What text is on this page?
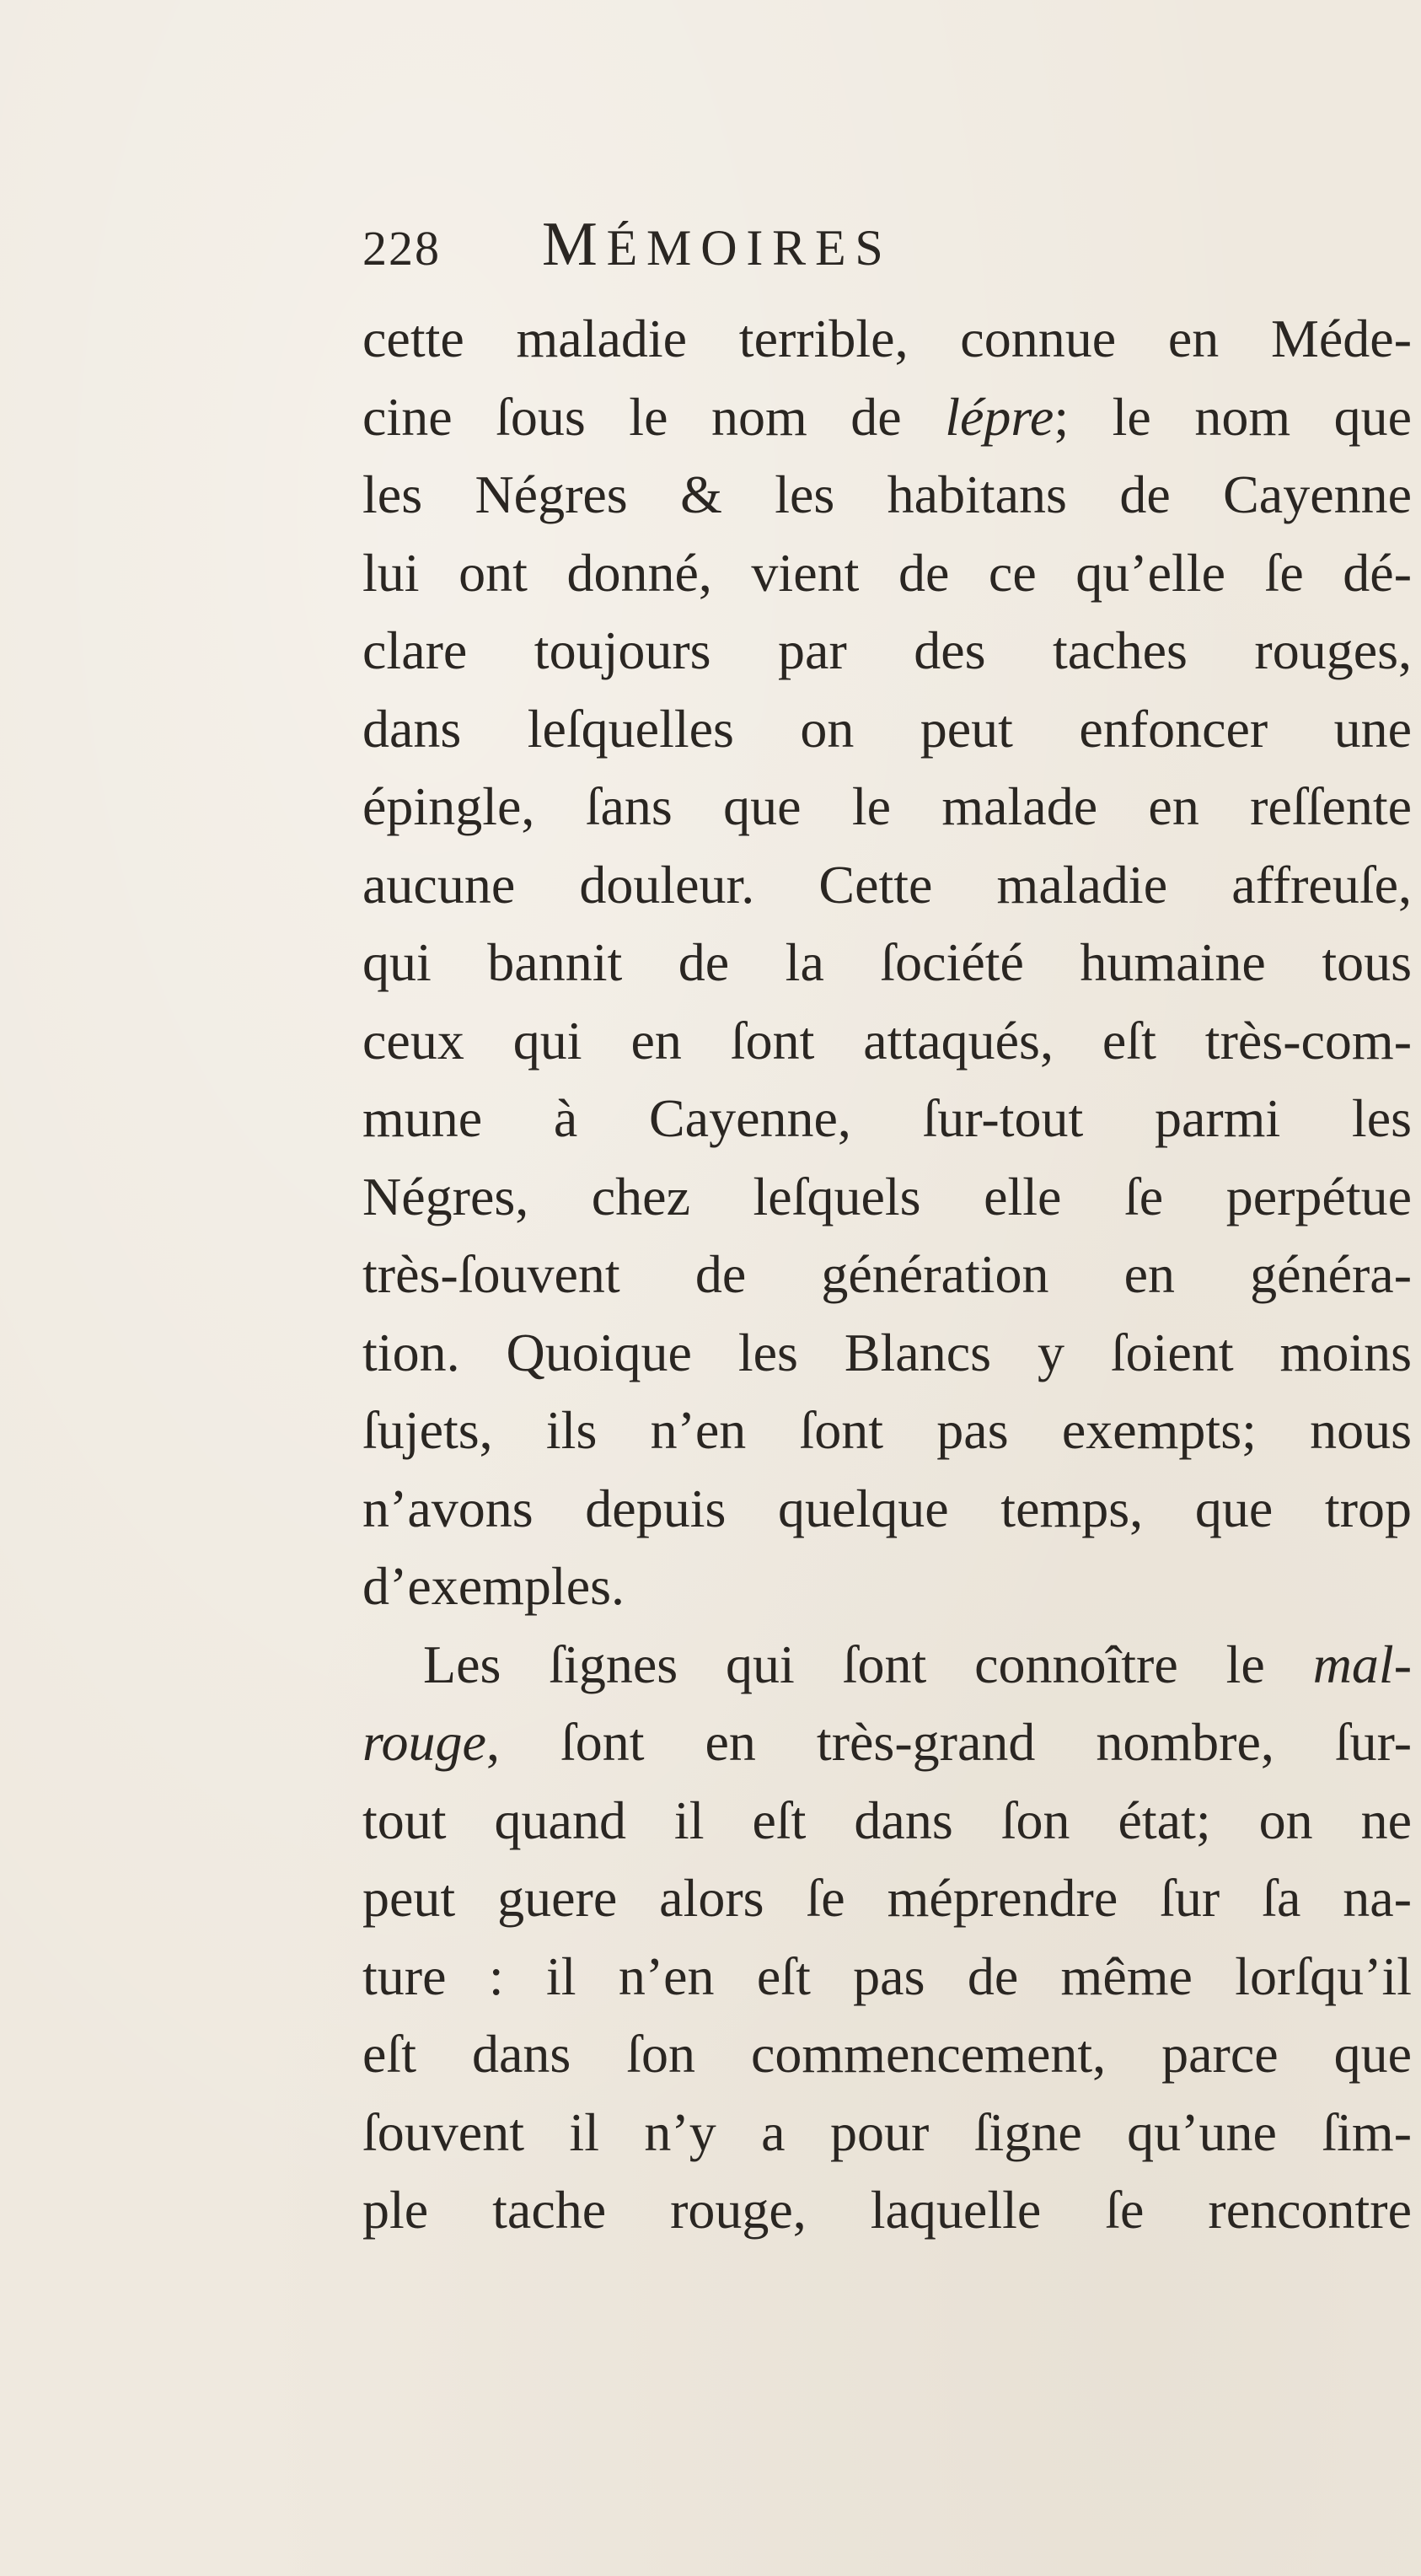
228 MÉMOIRES
cette maladie terrible, connue en Méde-
cine ſous le nom de lépre; le nom que
les Négres & les habitans de Cayenne
lui ont donné, vient de ce qu’elle ſe dé-
clare toujours par des taches rouges,
dans leſquelles on peut enfoncer une
épingle, ſans que le malade en reſſente
aucune douleur. Cette maladie affreuſe,
qui bannit de la ſociété humaine tous
ceux qui en ſont attaqués, eſt très-com-
mune à Cayenne, ſur-tout parmi les
Négres, chez leſquels elle ſe perpétue
très-ſouvent de génération en généra-
tion. Quoique les Blancs y ſoient moins
ſujets, ils n’en ſont pas exempts; nous
n’avons depuis quelque temps, que trop
d’exemples.
Les ſignes qui ſont connoître le mal-
rouge, ſont en très-grand nombre, ſur-
tout quand il eſt dans ſon état; on ne
peut guere alors ſe méprendre ſur ſa na-
ture : il n’en eſt pas de même lorſqu’il
eſt dans ſon commencement, parce que
ſouvent il n’y a pour ſigne qu’une ſim-
ple tache rouge, laquelle ſe rencontre
